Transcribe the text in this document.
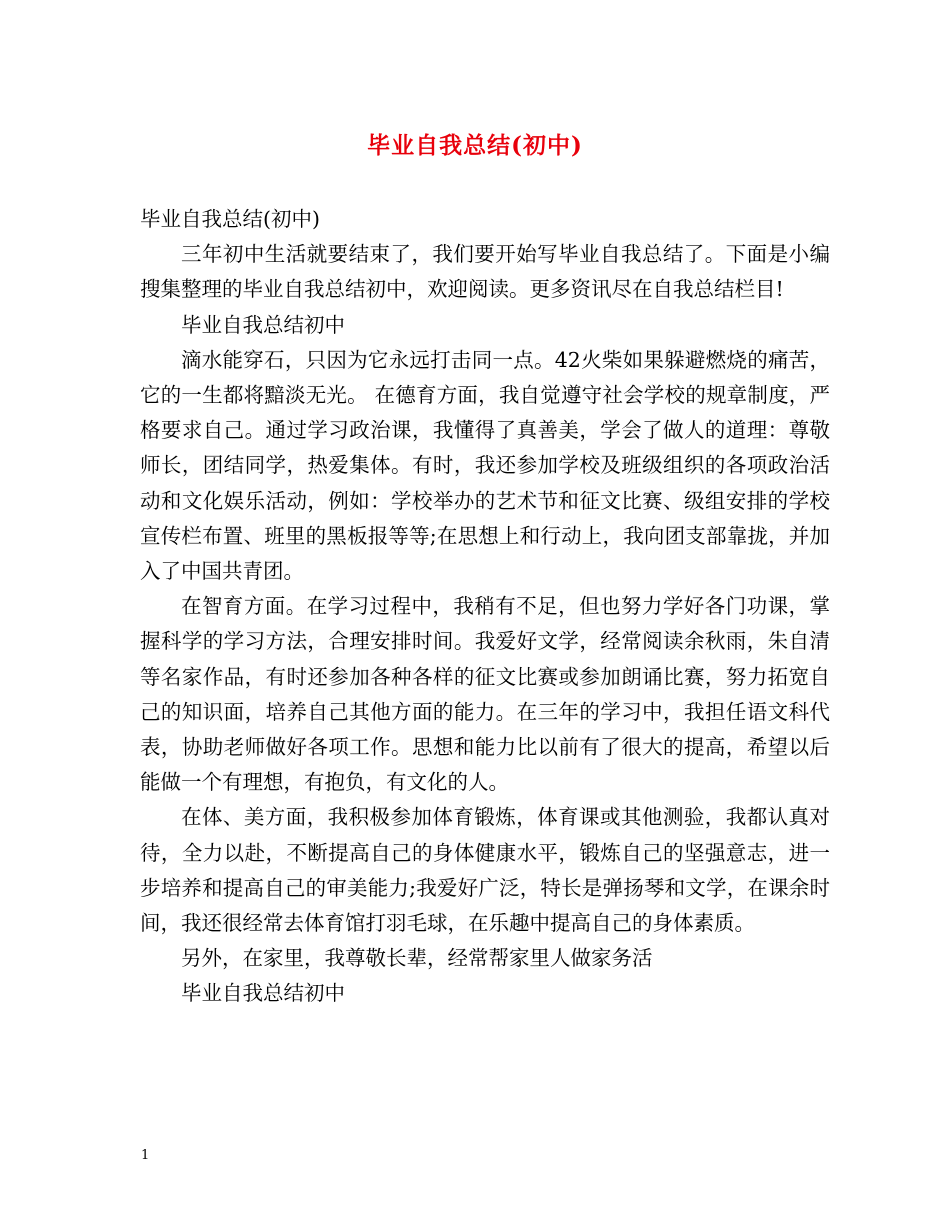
毕业自我总结(初中)

毕业自我总结(初中)

三年初中生活就要结束了，我们要开始写毕业自我总结了。下面是小编搜集整理的毕业自我总结初中，欢迎阅读。更多资讯尽在自我总结栏目!

毕业自我总结初中

滴水能穿石，只因为它永远打击同一点。42火柴如果躲避燃烧的痛苦，它的一生都将黯淡无光。 在德育方面，我自觉遵守社会学校的规章制度，严格要求自己。通过学习政治课，我懂得了真善美，学会了做人的道理：尊敬师长，团结同学，热爱集体。有时，我还参加学校及班级组织的各项政治活动和文化娱乐活动，例如：学校举办的艺术节和征文比赛、级组安排的学校宣传栏布置、班里的黑板报等等;在思想上和行动上，我向团支部靠拢，并加入了中国共青团。

在智育方面。在学习过程中，我稍有不足，但也努力学好各门功课，掌握科学的学习方法，合理安排时间。我爱好文学，经常阅读余秋雨，朱自清等名家作品，有时还参加各种各样的征文比赛或参加朗诵比赛，努力拓宽自己的知识面，培养自己其他方面的能力。在三年的学习中，我担任语文科代表，协助老师做好各项工作。思想和能力比以前有了很大的提高，希望以后能做一个有理想，有抱负，有文化的人。

在体、美方面，我积极参加体育锻炼，体育课或其他测验，我都认真对待，全力以赴，不断提高自己的身体健康水平，锻炼自己的坚强意志，进一步培养和提高自己的审美能力;我爱好广泛，特长是弹扬琴和文学，在课余时间，我还很经常去体育馆打羽毛球，在乐趣中提高自己的身体素质。

另外，在家里，我尊敬长辈，经常帮家里人做家务活

毕业自我总结初中

1
